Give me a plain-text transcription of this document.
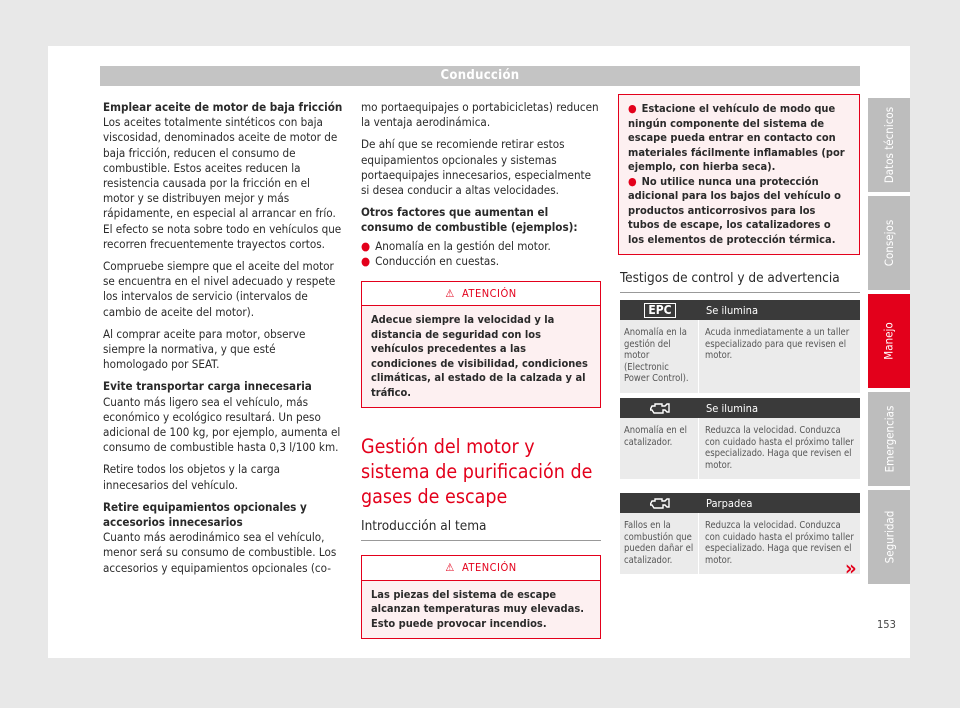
Conducción

Emplear aceite de motor de baja fricción
Los aceites totalmente sintéticos con baja viscosidad, denominados aceite de motor de baja fricción, reducen el consumo de combustible. Estos aceites reducen la resistencia causada por la fricción en el motor y se distribuyen mejor y más rápidamente, en especial al arrancar en frío. El efecto se nota sobre todo en vehículos que recorren frecuentemente trayectos cortos.

Compruebe siempre que el aceite del motor se encuentra en el nivel adecuado y respete los intervalos de servicio (intervalos de cambio de aceite del motor).

Al comprar aceite para motor, observe siempre la normativa, y que esté homologado por SEAT.

Evite transportar carga innecesaria
Cuanto más ligero sea el vehículo, más económico y ecológico resultará. Un peso adicional de 100 kg, por ejemplo, aumenta el consumo de combustible hasta 0,3 l/100 km.

Retire todos los objetos y la carga innecesarios del vehículo.

Retire equipamientos opcionales y accesorios innecesarios
Cuanto más aerodinámico sea el vehículo, menor será su consumo de combustible. Los accesorios y equipamientos opcionales (co-

mo portaequipajes o portabicicletas) reducen la ventaja aerodinámica.

De ahí que se recomiende retirar estos equipamientos opcionales y sistemas portaequipajes innecesarios, especialmente si desea conducir a altas velocidades.

Otros factores que aumentan el consumo de combustible (ejemplos):

● Anomalía en la gestión del motor.
● Conducción en cuestas.
⚠ ATENCIÓN
Adecue siempre la velocidad y la distancia de seguridad con los vehículos precedentes a las condiciones de visibilidad, condiciones climáticas, al estado de la calzada y al tráfico.
Gestión del motor y sistema de purificación de gases de escape
Introducción al tema
⚠ ATENCIÓN
Las piezas del sistema de escape alcanzan temperaturas muy elevadas. Esto puede provocar incendios.
● Estacione el vehículo de modo que ningún componente del sistema de escape pueda entrar en contacto con materiales fácilmente inflamables (por ejemplo, con hierba seca).
● No utilice nunca una protección adicional para los bajos del vehículo o productos anticorrosivos para los tubos de escape, los catalizadores o los elementos de protección térmica.
Testigos de control y de advertencia
EPC	Se ilumina
Anomalía en la gestión del motor (Electronic Power Control).
Acuda inmediatamente a un taller especializado para que revisen el motor.
Se ilumina
Anomalía en el catalizador.
Reduzca la velocidad. Conduzca con cuidado hasta el próximo taller especializado. Haga que revisen el motor.
Parpadea
Fallos en la combustión que pueden dañar el catalizador.
Reduzca la velocidad. Conduzca con cuidado hasta el próximo taller especializado. Haga que revisen el motor.	»
Datos técnicos
Consejos
Manejo
Emergencias
Seguridad
153
